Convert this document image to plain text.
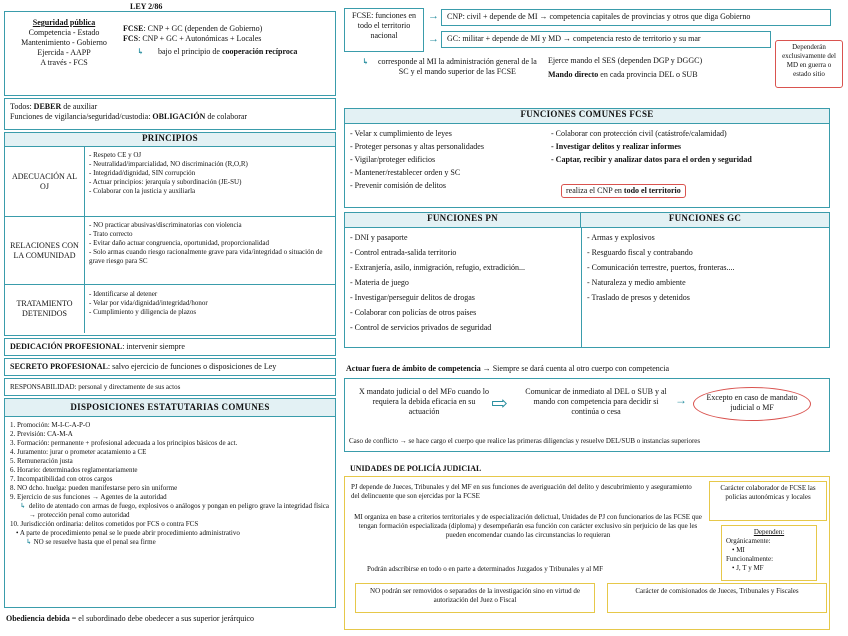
LEY 2/86
Seguridad pública
Competencia - Estado
Mantenimiento - Gobierno
Ejercida - AAPP
A través - FCS
FCSE: CNP + GC (dependen de Gobierno)
FCS: CNP + GC + Autonómicas + Locales
↳	bajo el principio de cooperación recíproca
Todos: DEBER de auxiliar
Funciones de vigilancia/seguridad/custodia: OBLIGACIÓN de colaborar
PRINCIPIOS
ADECUACIÓN AL OJ
- Respeto CE y OJ
- Neutralidad/imparcialidad, NO discriminación (R,O,R)
- Integridad/dignidad, SIN corrupción
- Actuar principios: jerarquía y subordinación (JE-SU)
- Colaborar con la justicia y auxiliarla
RELACIONES CON LA COMUNIDAD
- NO practicar abusivas/discriminatorias con violencia
- Trato correcto
- Evitar daño actuar congruencia, oportunidad, proporcionalidad
- Solo armas cuando riesgo racionalmente grave para vida/integridad o situación de grave riesgo para SC
TRATAMIENTO DETENIDOS
- Identificarse al detener
- Velar por vida/dignidad/integridad/honor
- Cumplimiento y diligencia de plazos
DEDICACIÓN PROFESIONAL: intervenir siempre
SECRETO PROFESIONAL: salvo ejercicio de funciones o disposiciones de Ley
RESPONSABILIDAD: personal y directamente de sus actos
DISPOSICIONES ESTATUTARIAS COMUNES
1. Promoción: M-I-C-A-P-O
2. Previsión: CA-M-A
3. Formación: permanente + profesional adecuada a los principios básicos de act.
4. Juramento: jurar o prometer acatamiento a CE
5. Remuneración justa
6. Horario: determinados reglamentariamente
7. Incompatibilidad con otros cargos
8. NO dcho. huelga: pueden manifestarse pero sin uniforme
9. Ejercicio de sus funciones → Agentes de la autoridad
↳ delito de atentado con armas de fuego, explosivos o análogos y pongan en peligro grave la integridad física → protección penal como autoridad
10. Jurisdicción ordinaria: delitos cometidos por FCS o contra FCS
• A parte de procedimiento penal se le puede abrir procedimiento administrativo
↳ NO se resuelve hasta que el penal sea firme
Obediencia debida = el subordinado debe obedecer a sus superior jerárquico
FCSE: funciones en todo el territorio nacional
→	CNP: civil + depende de MI → competencia capitales de provincias y otros que diga Gobierno
→	GC: militar + depende de MI y MD → competencia resto de territorio y su mar
Dependerán exclusivamente del MD en guerra o estado sitio
↳	corresponde al MI la administración general de la SC y el mando superior de las FCSE
Ejerce mando el SES (dependen DGP y DGGC)
Mando directo en cada provincia DEL o SUB
FUNCIONES COMUNES FCSE
- Velar x cumplimiento de leyes
- Proteger personas y altas personalidades
- Vigilar/proteger edificios
- Mantener/restablecer orden y SC
- Prevenir comisión de delitos
- Colaborar con protección civil (catástrofe/calamidad)
- Investigar delitos y realizar informes
- Captar, recibir y analizar datos para el orden y seguridad
realiza el CNP en todo el territorio
FUNCIONES PN	FUNCIONES GC
- DNI y pasaporte
- Control entrada-salida territorio
- Extranjería, asilo, inmigración, refugio, extradición...
- Materia de juego
- Investigar/perseguir delitos de drogas
- Colaborar con policías de otros países
- Control de servicios privados de seguridad
- Armas y explosivos
- Resguardo fiscal y contrabando
- Comunicación terrestre, puertos, fronteras....
- Naturaleza y medio ambiente
- Traslado de presos y detenidos
Actuar fuera de ámbito de competencia → Siempre se dará cuenta al otro cuerpo con competencia
X mandato judicial o del MFo cuando lo requiera la debida eficacia en su actuación	⇨
Comunicar de inmediato al DEL o SUB y al mando con competencia para decidir si continúa o cesa
→	Excepto en caso de mandato judicial o MF
Caso de conflicto → se hace cargo el cuerpo que realice las primeras diligencias y resuelve DEL/SUB o instancias superiores
UNIDADES DE POLICÍA JUDICIAL
PJ depende de Jueces, Tribunales y del MF en sus funciones de averiguación del delito y descubrimiento y aseguramiento del delincuente que son ejercidas por la FCSE
MI organiza en base a criterios territoriales y de especialización delictual, Unidades de PJ con funcionarios de las FCSE que tengan formación especializada (diploma) y desempeñarán esa función con carácter exclusivo sin perjuicio de las que les pueden encomendar cuando las circunstancias lo requieran
Podrán adscribirse en todo o en parte a determinados Juzgados y Tribunales y al MF
Carácter colaborador de FCSE las policías autonómicas y locales
Dependen:
Orgánicamente:
• MI
Funcionalmente:
• J, T y MF
NO podrán ser removidos o separados de la investigación sino en virtud de autorización del Juez o Fiscal
Carácter de comisionados de Jueces, Tribunales y Fiscales
